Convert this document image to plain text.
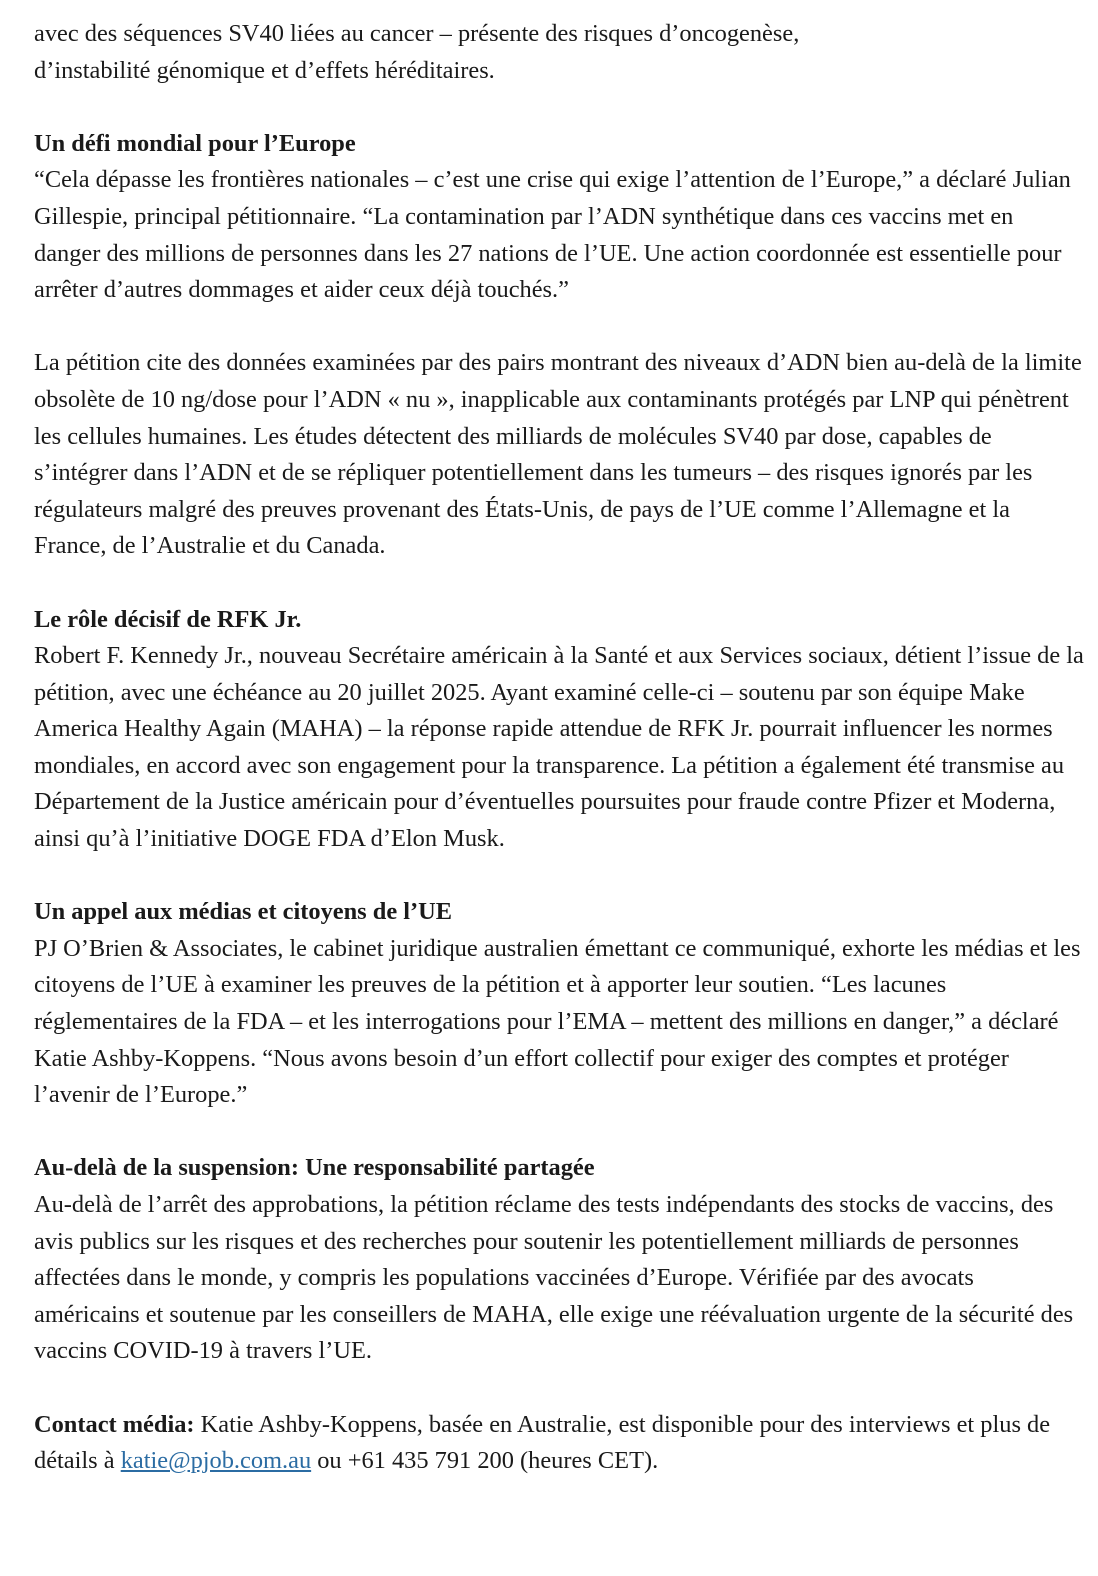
avec des séquences SV40 liées au cancer – présente des risques d’oncogenèse,

d’instabilité génomique et d’effets héréditaires.

Un défi mondial pour l’Europe

“Cela dépasse les frontières nationales – c’est une crise qui exige l’attention de l’Europe,” a déclaré Julian Gillespie, principal pétitionnaire. “La contamination par l’ADN synthétique dans ces vaccins met en danger des millions de personnes dans les 27 nations de l’UE. Une action coordonnée est essentielle pour arrêter d’autres dommages et aider ceux déjà touchés.”

La pétition cite des données examinées par des pairs montrant des niveaux d’ADN bien au-delà de la limite obsolète de 10 ng/dose pour l’ADN « nu », inapplicable aux contaminants protégés par LNP qui pénètrent les cellules humaines. Les études détectent des milliards de molécules SV40 par dose, capables de s’intégrer dans l’ADN et de se répliquer potentiellement dans les tumeurs – des risques ignorés par les régulateurs malgré des preuves provenant des États-Unis, de pays de l’UE comme l’Allemagne et la France, de l’Australie et du Canada.

Le rôle décisif de RFK Jr.

Robert F. Kennedy Jr., nouveau Secrétaire américain à la Santé et aux Services sociaux, détient l’issue de la pétition, avec une échéance au 20 juillet 2025. Ayant examiné celle-ci – soutenu par son équipe Make America Healthy Again (MAHA) – la réponse rapide attendue de RFK Jr. pourrait influencer les normes mondiales, en accord avec son engagement pour la transparence. La pétition a également été transmise au Département de la Justice américain pour d’éventuelles poursuites pour fraude contre Pfizer et Moderna, ainsi qu’à l’initiative DOGE FDA d’Elon Musk.

Un appel aux médias et citoyens de l’UE

PJ O’Brien & Associates, le cabinet juridique australien émettant ce communiqué, exhorte les médias et les citoyens de l’UE à examiner les preuves de la pétition et à apporter leur soutien. “Les lacunes réglementaires de la FDA – et les interrogations pour l’EMA – mettent des millions en danger,” a déclaré Katie Ashby-Koppens. “Nous avons besoin d’un effort collectif pour exiger des comptes et protéger l’avenir de l’Europe.”

Au-delà de la suspension: Une responsabilité partagée

Au-delà de l’arrêt des approbations, la pétition réclame des tests indépendants des stocks de vaccins, des avis publics sur les risques et des recherches pour soutenir les potentiellement milliards de personnes affectées dans le monde, y compris les populations vaccinées d’Europe. Vérifiée par des avocats américains et soutenue par les conseillers de MAHA, elle exige une réévaluation urgente de la sécurité des vaccins COVID-19 à travers l’UE.

Contact média: Katie Ashby-Koppens, basée en Australie, est disponible pour des interviews et plus de détails à katie@pjob.com.au ou +61 435 791 200 (heures CET).
